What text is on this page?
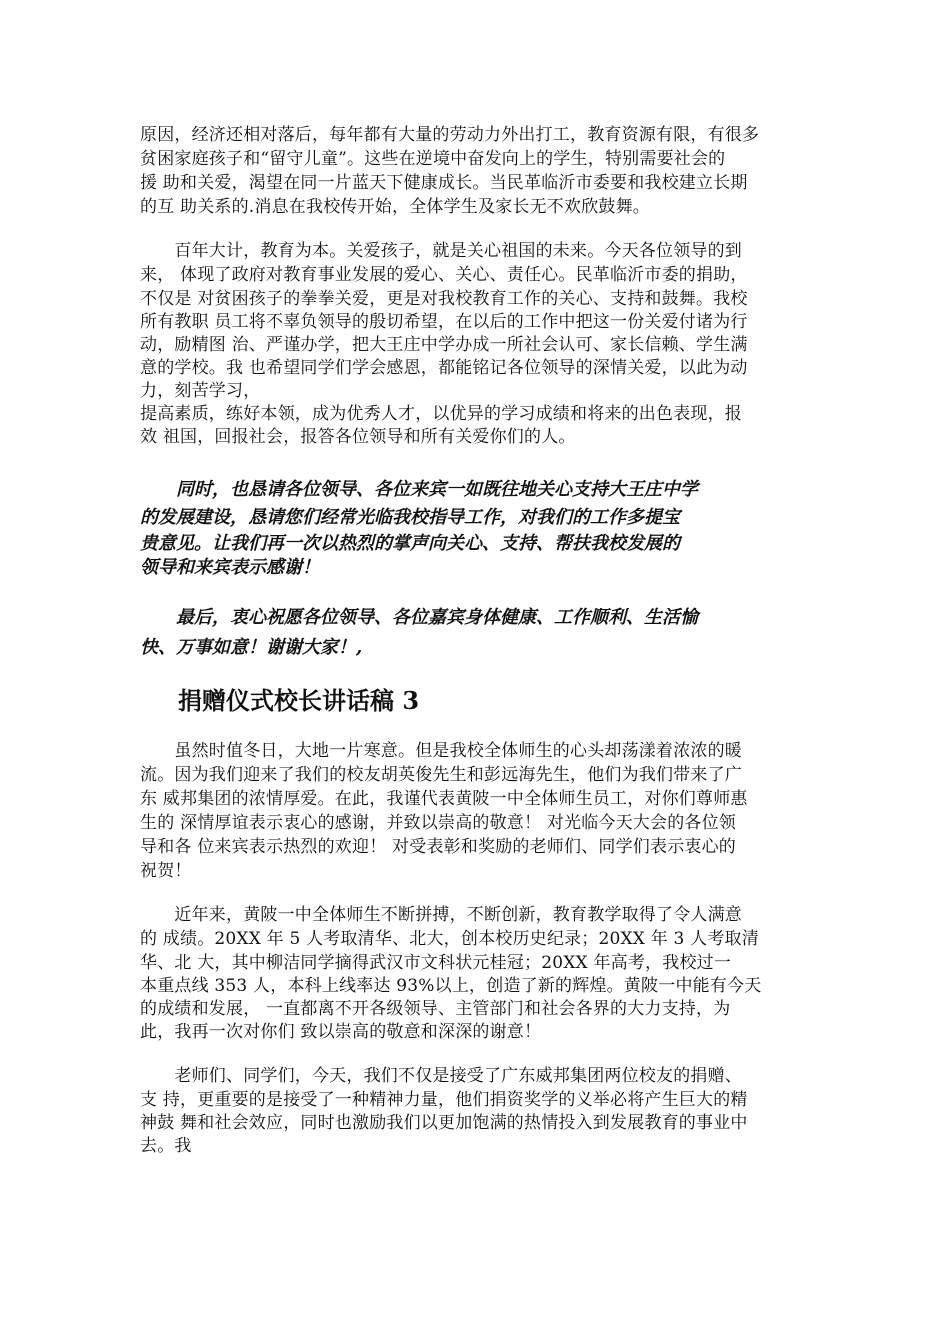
原因，经济还相对落后，每年都有大量的劳动力外出打工，教育资源有限，有很多
贫困家庭孩子和“留守儿童”。这些在逆境中奋发向上的学生，特别需要社会的
援 助和关爱，渴望在同一片蓝天下健康成长。当民革临沂市委要和我校建立长期
的互 助关系的.消息在我校传开始，全体学生及家长无不欢欣鼓舞。
　　百年大计，教育为本。关爱孩子，就是关心祖国的未来。今天各位领导的到
来， 体现了政府对教育事业发展的爱心、关心、责任心。民革临沂市委的捐助，
不仅是 对贫困孩子的拳拳关爱，更是对我校教育工作的关心、支持和鼓舞。我校
所有教职 员工将不辜负领导的殷切希望，在以后的工作中把这一份关爱付诸为行
动，励精图 治、严谨办学，把大王庄中学办成一所社会认可、家长信赖、学生满
意的学校。我 也希望同学们学会感恩，都能铭记各位领导的深情关爱，以此为动
力，刻苦学习，
提高素质，练好本领，成为优秀人才，以优异的学习成绩和将来的出色表现，报
效 祖国，回报社会，报答各位领导和所有关爱你们的人。
　　同时，也恳请各位领导、各位来宾一如既往地关心支持大王庄中学
的发展建设，恳请您们经常光临我校指导工作，对我们的工作多提宝
贵意见。让我们再一次以热烈的掌声向关心、支持、帮扶我校发展的
领导和来宾表示感谢！
　　最后，衷心祝愿各位领导、各位嘉宾身体健康、工作顺利、生活愉
快、万事如意！谢谢大家！,
捐赠仪式校长讲话稿 3
　　虽然时值冬日，大地一片寒意。但是我校全体师生的心头却荡漾着浓浓的暖
流。因为我们迎来了我们的校友胡英俊先生和彭远海先生，他们为我们带来了广
东 威邦集团的浓情厚爱。在此，我谨代表黄陂一中全体师生员工，对你们尊师惠
生的 深情厚谊表示衷心的感谢，并致以崇高的敬意！ 对光临今天大会的各位领
导和各 位来宾表示热烈的欢迎！ 对受表彰和奖励的老师们、同学们表示衷心的
祝贺！
　　近年来，黄陂一中全体师生不断拼搏，不断创新，教育教学取得了令人满意
的 成绩。20XX 年 5 人考取清华、北大，创本校历史纪录；20XX 年 3 人考取清
华、北 大，其中柳洁同学摘得武汉市文科状元桂冠；20XX 年高考，我校过一
本重点线 353 人，本科上线率达 93%以上，创造了新的辉煌。黄陂一中能有今天
的成绩和发展， 一直都离不开各级领导、主管部门和社会各界的大力支持，为
此，我再一次对你们 致以崇高的敬意和深深的谢意！
　　老师们、同学们，今天，我们不仅是接受了广东威邦集团两位校友的捐赠、
支 持，更重要的是接受了一种精神力量，他们捐资奖学的义举必将产生巨大的精
神鼓 舞和社会效应，同时也激励我们以更加饱满的热情投入到发展教育的事业中
去。我
